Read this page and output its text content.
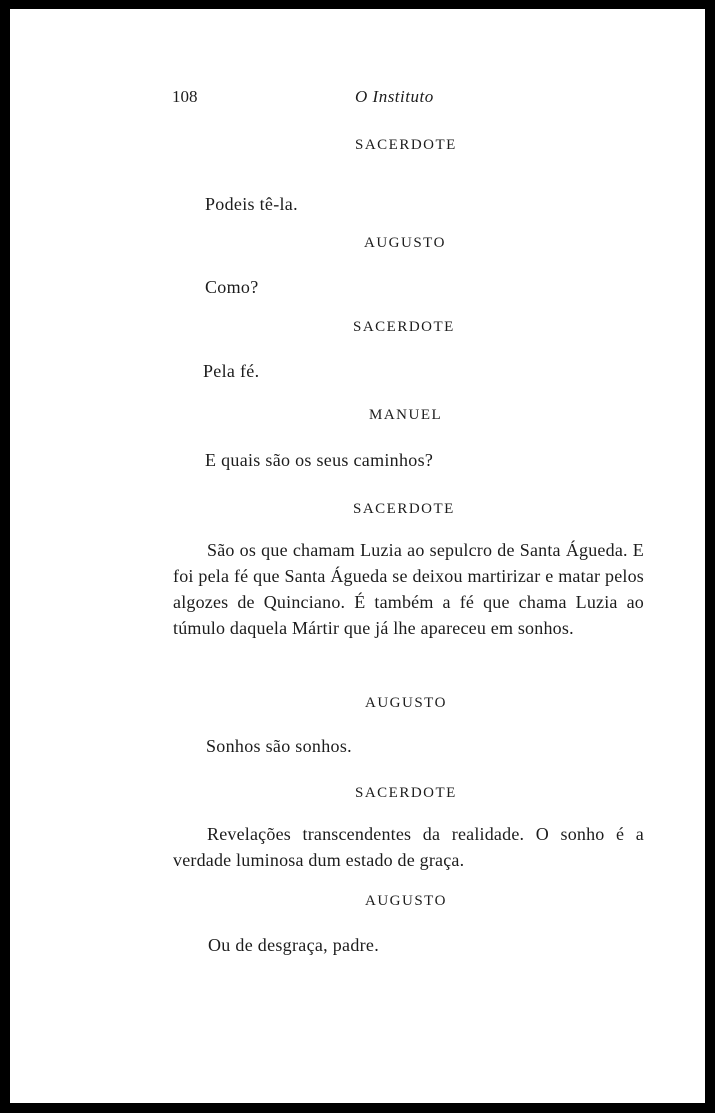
108	O Instituto
SACERDOTE
Podeis tê-la.
AUGUSTO
Como?
SACERDOTE
Pela fé.
MANUEL
E quais são os seus caminhos?
SACERDOTE
São os que chamam Luzia ao sepulcro de Santa Águeda. E foi pela fé que Santa Águeda se deixou martirizar e matar pelos algozes de Quinciano. É também a fé que chama Luzia ao túmulo daquela Mártir que já lhe apareceu em sonhos.
AUGUSTO
Sonhos são sonhos.
SACERDOTE
Revelações transcendentes da realidade. O sonho é a verdade luminosa dum estado de graça.
AUGUSTO
Ou de desgraça, padre.
